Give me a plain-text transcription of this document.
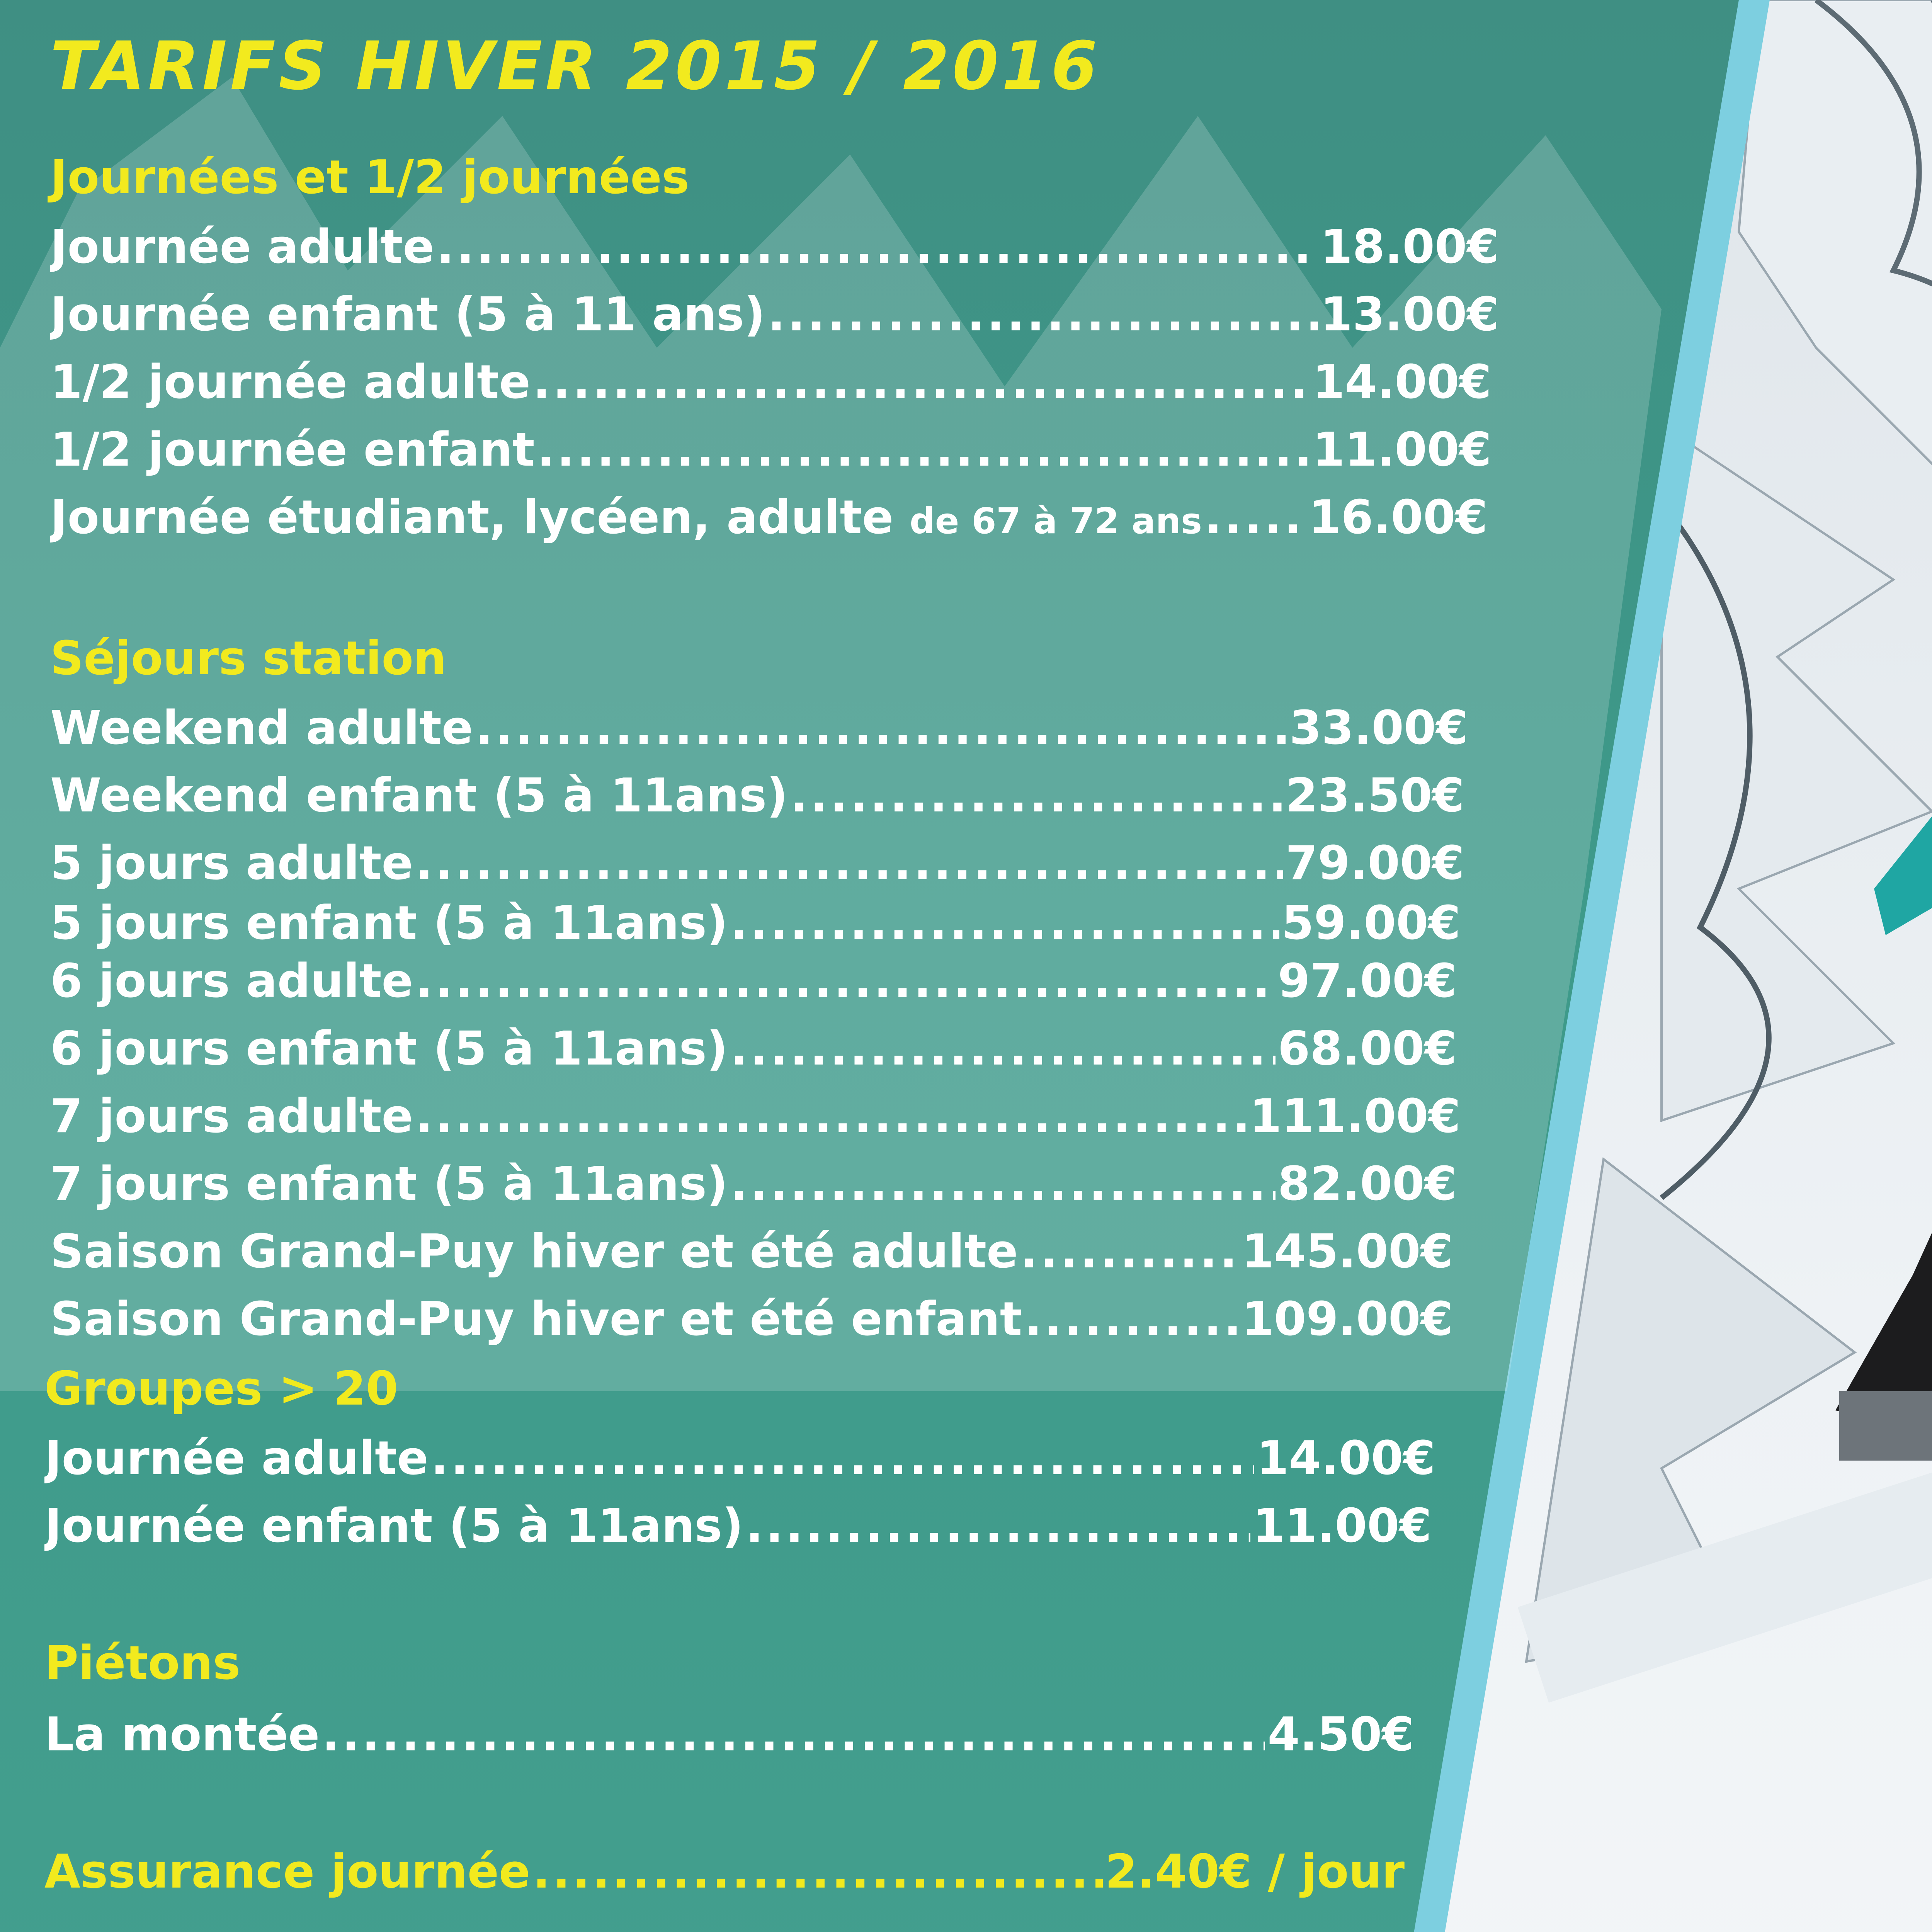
TARIFS HIVER 2015 / 2016
Journées et 1/2 journées
Journée adulte	18.00€
.....
Journée enfant (5 à 11 ans)	13.00€
.....
1/2 journée adulte	14.00€
.....
1/2 journée enfant	11.00€
.....
Journée étudiant, lycéen, adulte de 67 à 72 ans 16.00€
.....
Séjours station
Weekend adulte	33.00€
.....
Weekend enfant (5 à 11ans)	23.50€
.....
5 jours adulte	79.00€
.....
5 jours enfant (5 à 11ans)	59.00€
.....
6 jours adulte	97.00€
.....
6 jours enfant (5 à 11ans)	68.00€
.....
7 jours adulte	111.00€
.....
7 jours enfant (5 à 11ans)	82.00€
.....
Saison Grand-Puy hiver et été adulte	145.00€
.....
Saison Grand-Puy hiver et été enfant	109.00€
.....
Groupes > 20
Journée adulte	14.00€
.....
Journée enfant (5 à 11ans)	11.00€
.....
Piétons
La montée	4.50€
.....
Assurance journée	2.40€ / jour
.....
